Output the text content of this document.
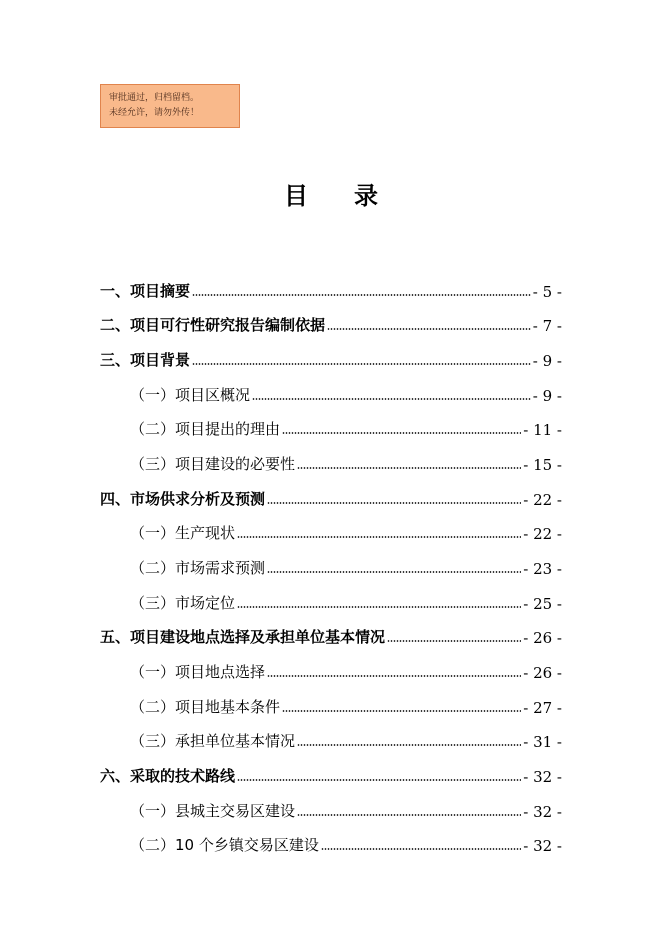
审批通过，归档留档。
未经允许，请勿外传！
目 录
一、项目摘要	- 5 -
二、项目可行性研究报告编制依据	- 7 -
三、项目背景	- 9 -
（一）项目区概况	- 9 -
（二）项目提出的理由	- 11 -
（三）项目建设的必要性	- 15 -
四、市场供求分析及预测	- 22 -
（一）生产现状	- 22 -
（二）市场需求预测	- 23 -
（三）市场定位	- 25 -
五、项目建设地点选择及承担单位基本情况	- 26 -
（一）项目地点选择	- 26 -
（二）项目地基本条件	- 27 -
（三）承担单位基本情况	- 31 -
六、采取的技术路线	- 32 -
（一）县城主交易区建设	- 32 -
（二）10 个乡镇交易区建设	- 32 -
